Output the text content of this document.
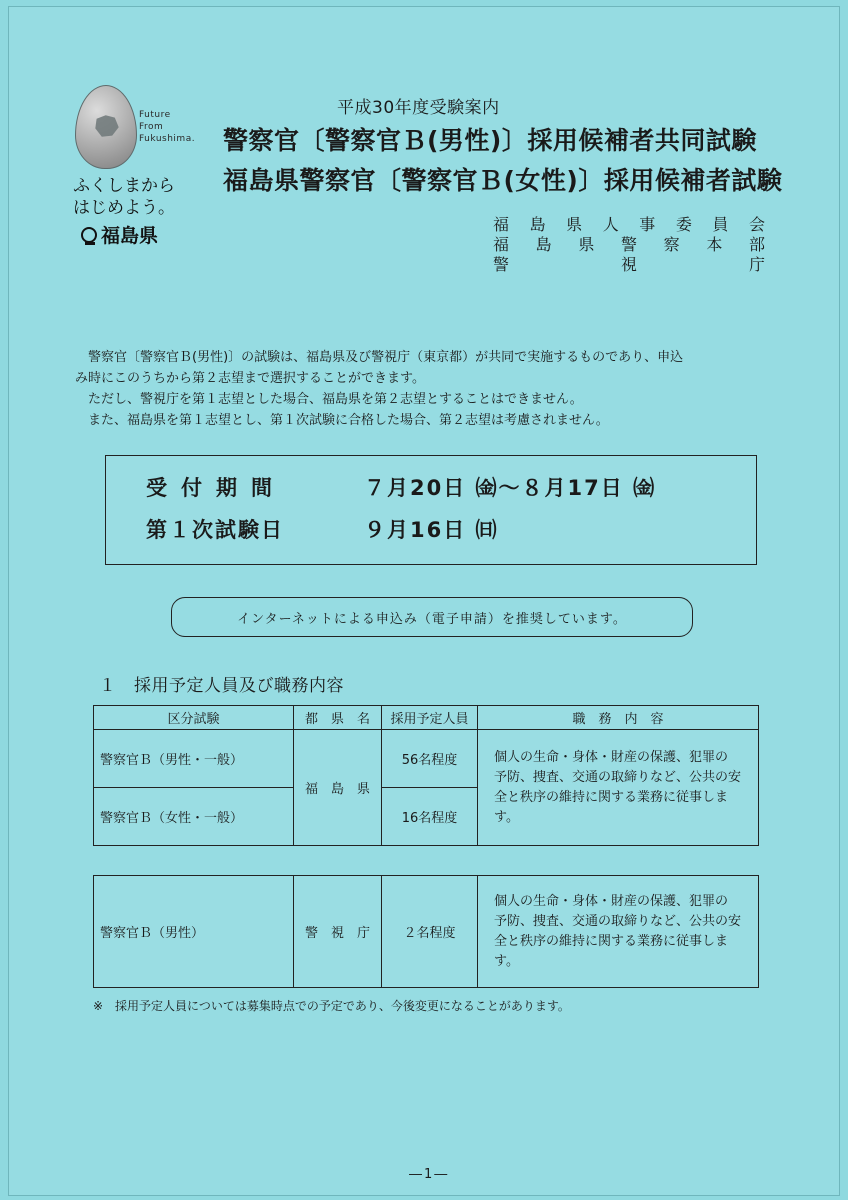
Future
From
Fukushima.
ふくしまから
はじめよう。
福島県
平成30年度受験案内
警察官〔警察官Ｂ(男性)〕採用候補者共同試験
福島県警察官〔警察官Ｂ(女性)〕採用候補者試験
福島県人事委員会
福島県警察本部
警視庁
　警察官〔警察官Ｂ(男性)〕の試験は、福島県及び警視庁（東京都）が共同で実施するものであり、申込
み時にこのうちから第２志望まで選択することができます。
　ただし、警視庁を第１志望とした場合、福島県を第２志望とすることはできません。
　また、福島県を第１志望とし、第１次試験に合格した場合、第２志望は考慮されません。
受付期間	７月20日 ㈮～８月17日 ㈮
第１次試験日	９月16日 ㈰
インターネットによる申込み（電子申請）を推奨しています。
１　採用予定人員及び職務内容
区分試験	都　県　名	採用予定人員	職　務　内　容
警察官Ｂ（男性・一般）	福　島　県	56名程度	個人の生命・身体・財産の保護、犯罪の
予防、捜査、交通の取締りなど、公共の安
全と秩序の維持に関する業務に従事します。

警察官Ｂ（女性・一般）		16名程度	
警察官Ｂ（男性）	警　視　庁	２名程度	
個人の生命・身体・財産の保護、犯罪の
予防、捜査、交通の取締りなど、公共の安
全と秩序の維持に関する業務に従事します。
※　採用予定人員については募集時点での予定であり、今後変更になることがあります。
―1―
